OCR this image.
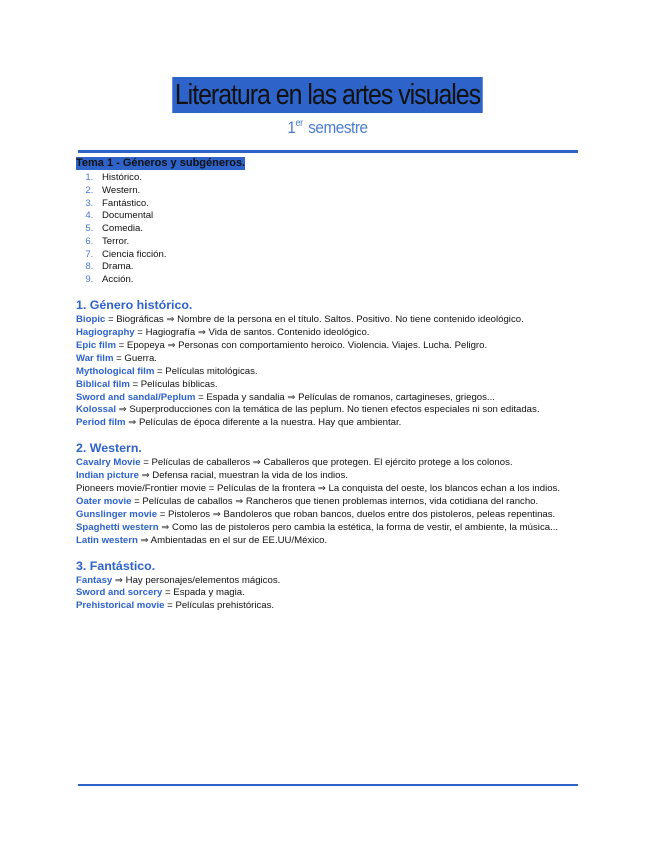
Literatura en las artes visuales
1er semestre
Tema 1 - Géneros y subgéneros.
1. Histórico.
2. Western.
3. Fantástico.
4. Documental
5. Comedia.
6. Terror.
7. Ciencia ficción.
8. Drama.
9. Acción.
1. Género histórico.

Biopic = Biográficas ⇒ Nombre de la persona en el título. Saltos. Positivo. No tiene contenido ideológico.

Hagiography = Hagiografía ⇒ Vida de santos. Contenido ideológico.

Epic film = Epopeya ⇒ Personas con comportamiento heroico. Violencia. Viajes. Lucha. Peligro.

War film = Guerra.

Mythological film = Películas mitológicas.

Biblical film = Películas bíblicas.

Sword and sandal/Peplum = Espada y sandalia ⇒ Películas de romanos, cartagineses, griegos...

Kolossal ⇒ Superproducciones con la temática de las peplum. No tienen efectos especiales ni son editadas.

Period film ⇒ Películas de época diferente a la nuestra. Hay que ambientar.

2. Western.

Cavalry Movie = Películas de caballeros ⇒ Caballeros que protegen. El ejército protege a los colonos.

Indian picture ⇒ Defensa racial, muestran la vida de los indios.

Pioneers movie/Frontier movie = Películas de la frontera ⇒ La conquista del oeste, los blancos echan a los indios.

Oater movie = Películas de caballos ⇒ Rancheros que tienen problemas internos, vida cotidiana del rancho.

Gunslinger movie = Pistoleros ⇒ Bandoleros que roban bancos, duelos entre dos pistoleros, peleas repentinas.

Spaghetti western ⇒ Como las de pistoleros pero cambia la estética, la forma de vestir, el ambiente, la música...

Latin western ⇒ Ambientadas en el sur de EE.UU/México.

3. Fantástico.

Fantasy ⇒ Hay personajes/elementos mágicos.

Sword and sorcery = Espada y magia.

Prehistorical movie = Películas prehistóricas.
